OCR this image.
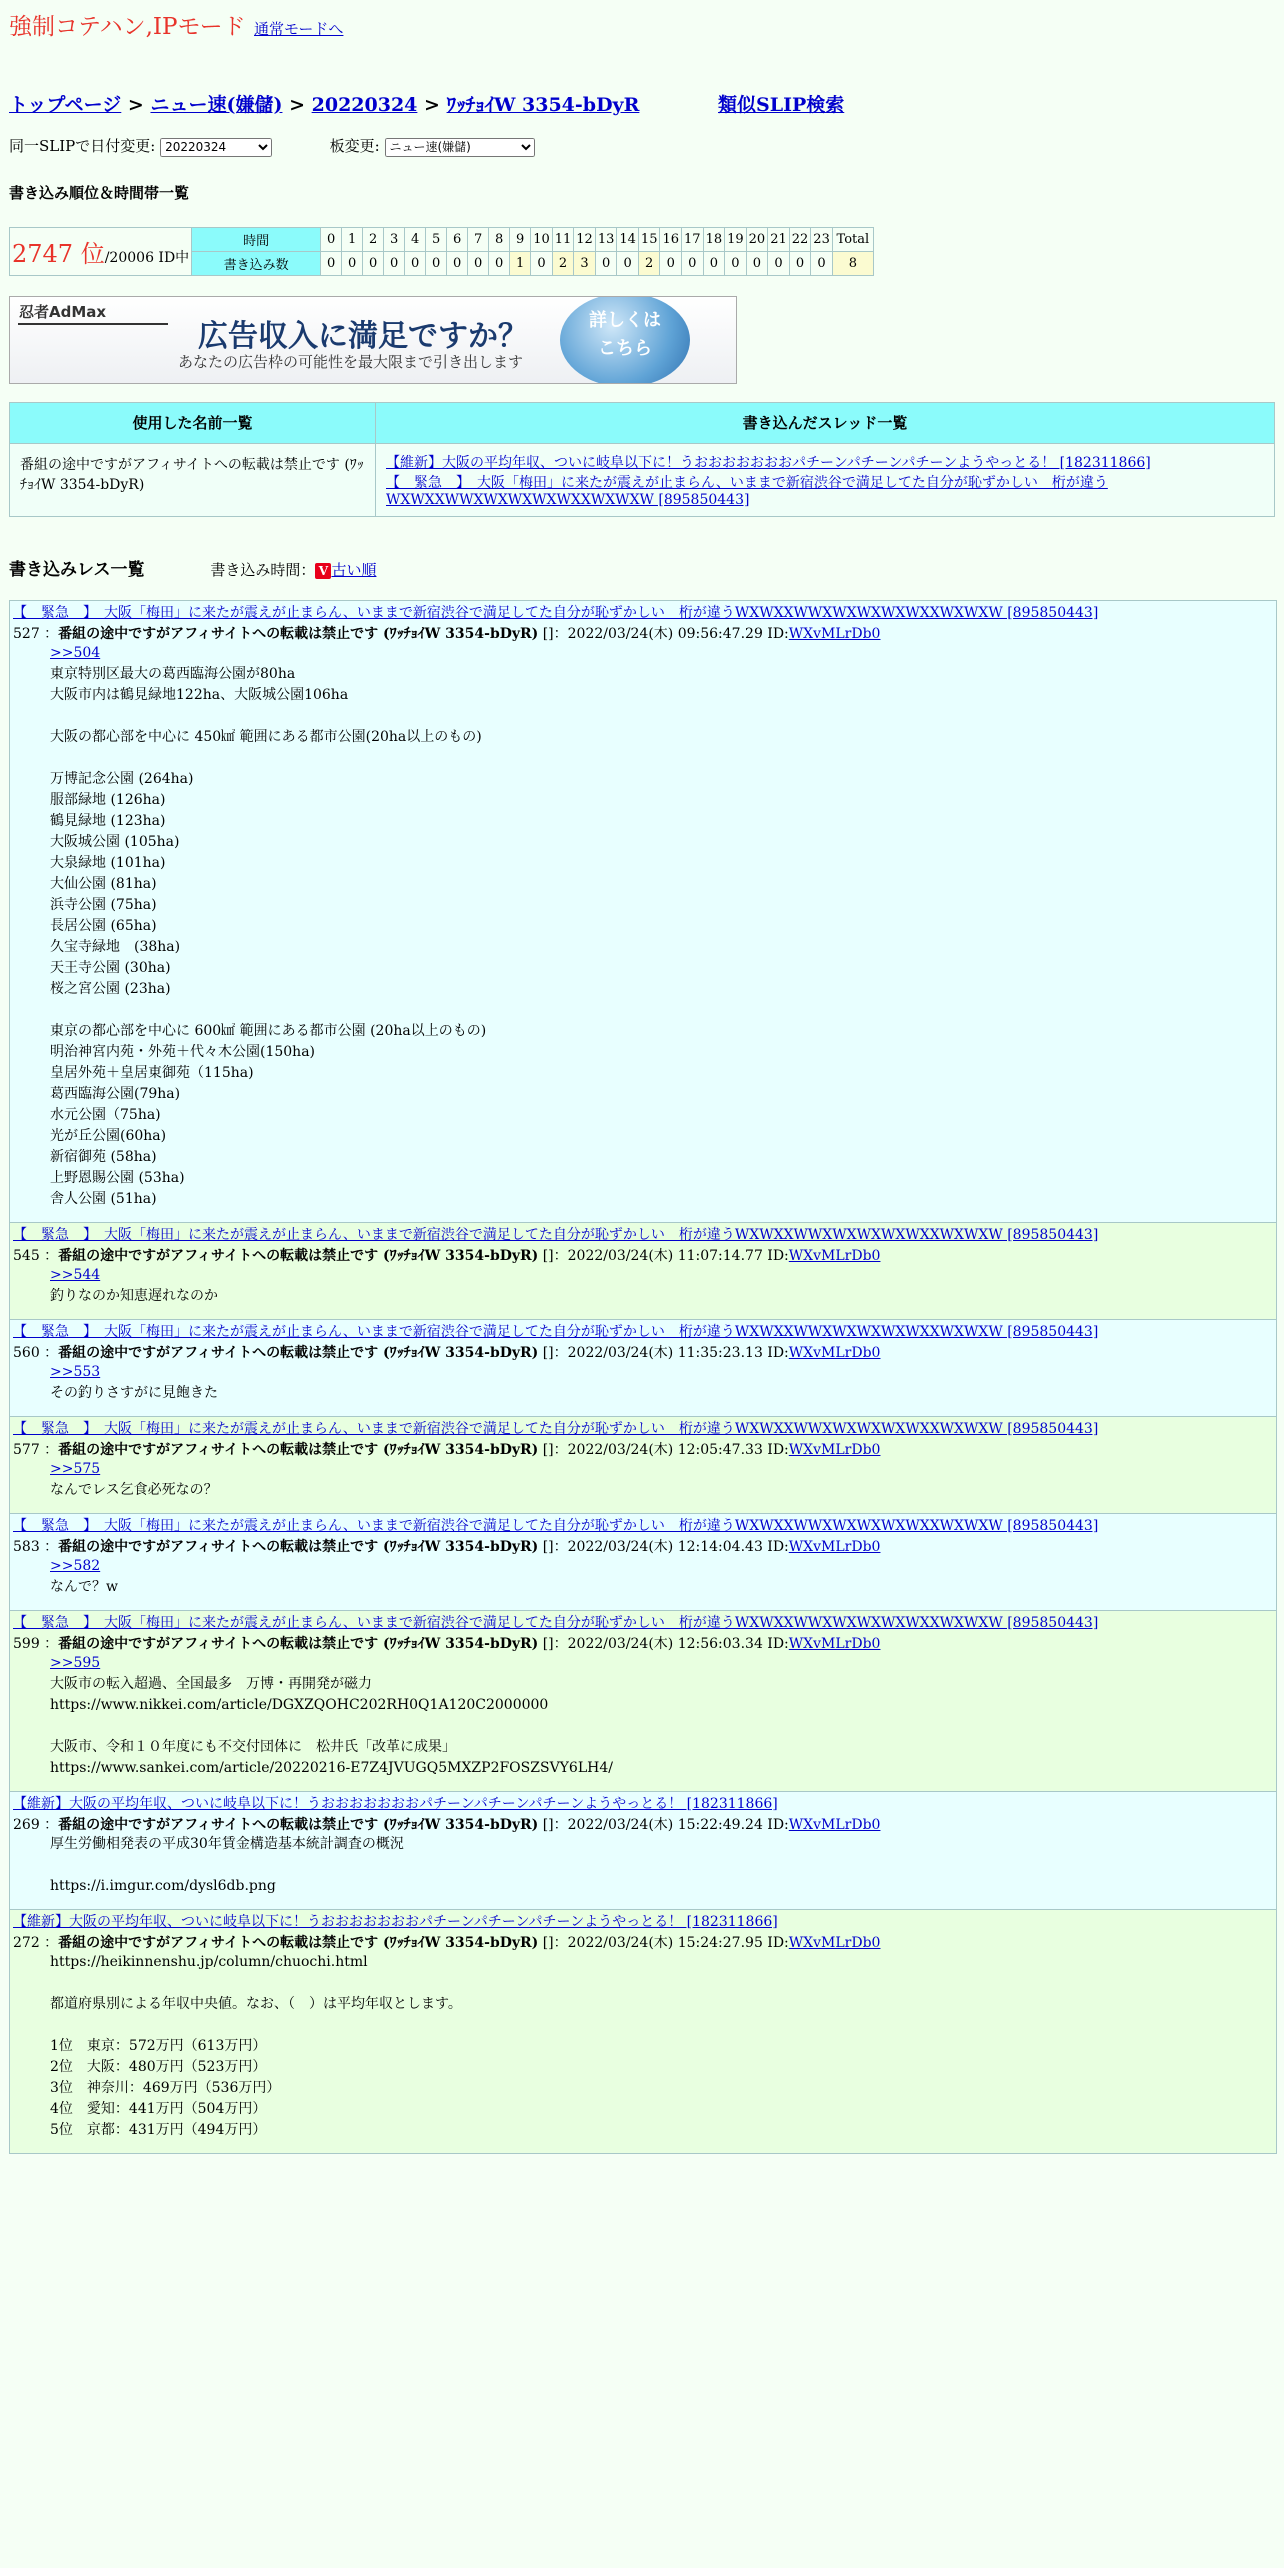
強制コテハン,IPモード 通常モードへ
トップページ > ニュー速(嫌儲) > 20220324 > ﾜｯﾁｮｲW 3354-bDyR	類似SLIP検索
同一SLIPで日付変更:
20220324	板変更:
ニュー速(嫌儲)
書き込み順位＆時間帯一覧
2747 位/20006 ID中	時間	0	1	2	3	4	5	6	7	8	9	10	11	12	13	14	15	16	17	18	19	20	21	22	23	Total
	書き込み数	0	0	0	0	0	0	0	0	0	1	0	2	3	0	0	2	0	0	0	0	0	0	0	0	8
忍者AdMax
広告収入に満足ですか？
あなたの広告枠の可能性を最大限まで引き出します
詳しくは
こちら
使用した名前一覧	書き込んだスレッド一覧
番組の途中ですがアフィサイトへの転載は禁止です (ﾜｯﾁｮｲW 3354-bDyR)	【維新】大阪の平均年収、ついに岐阜以下に！うおおおおおおおパチーンパチーンパチーンようやっとる！ [182311866]
【　緊急　】　大阪「梅田」に来たが震えが止まらん、いままで新宿渋谷で満足してた自分が恥ずかしい　桁が違うWXWXXWWXWXWXWXWXXWXWXW [895850443]
書き込みレス一覧	書き込み時間： V 古い順
【　緊急　】　大阪「梅田」に来たが震えが止まらん、いままで新宿渋谷で満足してた自分が恥ずかしい　桁が違うWXWXXWWXWXWXWXWXXWXWXW [895850443]
527 ：番組の途中ですがアフィサイトへの転載は禁止です (ﾜｯﾁｮｲW 3354-bDyR) []：2022/03/24(木) 09:56:47.29 ID:WXvMLrDb0
>>504
東京特別区最大の葛西臨海公園が80ha
大阪市内は鶴見緑地122ha、大阪城公園106ha

大阪の都心部を中心に 450㎢ 範囲にある都市公園(20ha以上のもの)

万博記念公園 (264ha)
服部緑地 (126ha)
鶴見緑地 (123ha)
大阪城公園 (105ha)
大泉緑地 (101ha)
大仙公園 (81ha)
浜寺公園 (75ha)
長居公園 (65ha)
久宝寺緑地　(38ha)
天王寺公園 (30ha)
桜之宮公園 (23ha)

東京の都心部を中心に 600㎢ 範囲にある都市公園 (20ha以上のもの)
明治神宮内苑・外苑＋代々木公園(150ha)
皇居外苑＋皇居東御苑（115ha)
葛西臨海公園(79ha)
水元公園（75ha)
光が丘公園(60ha)
新宿御苑 (58ha)
上野恩賜公園 (53ha)
舎人公園 (51ha)
【　緊急　】　大阪「梅田」に来たが震えが止まらん、いままで新宿渋谷で満足してた自分が恥ずかしい　桁が違うWXWXXWWXWXWXWXWXXWXWXW [895850443]
545 ：番組の途中ですがアフィサイトへの転載は禁止です (ﾜｯﾁｮｲW 3354-bDyR) []：2022/03/24(木) 11:07:14.77 ID:WXvMLrDb0
>>544
釣りなのか知恵遅れなのか
【　緊急　】　大阪「梅田」に来たが震えが止まらん、いままで新宿渋谷で満足してた自分が恥ずかしい　桁が違うWXWXXWWXWXWXWXWXXWXWXW [895850443]
560 ：番組の途中ですがアフィサイトへの転載は禁止です (ﾜｯﾁｮｲW 3354-bDyR) []：2022/03/24(木) 11:35:23.13 ID:WXvMLrDb0
>>553
その釣りさすがに見飽きた
【　緊急　】　大阪「梅田」に来たが震えが止まらん、いままで新宿渋谷で満足してた自分が恥ずかしい　桁が違うWXWXXWWXWXWXWXWXXWXWXW [895850443]
577 ：番組の途中ですがアフィサイトへの転載は禁止です (ﾜｯﾁｮｲW 3354-bDyR) []：2022/03/24(木) 12:05:47.33 ID:WXvMLrDb0
>>575
なんでレス乞食必死なの？
【　緊急　】　大阪「梅田」に来たが震えが止まらん、いままで新宿渋谷で満足してた自分が恥ずかしい　桁が違うWXWXXWWXWXWXWXWXXWXWXW [895850443]
583 ：番組の途中ですがアフィサイトへの転載は禁止です (ﾜｯﾁｮｲW 3354-bDyR) []：2022/03/24(木) 12:14:04.43 ID:WXvMLrDb0
>>582
なんで？w
【　緊急　】　大阪「梅田」に来たが震えが止まらん、いままで新宿渋谷で満足してた自分が恥ずかしい　桁が違うWXWXXWWXWXWXWXWXXWXWXW [895850443]
599 ：番組の途中ですがアフィサイトへの転載は禁止です (ﾜｯﾁｮｲW 3354-bDyR) []：2022/03/24(木) 12:56:03.34 ID:WXvMLrDb0
>>595
大阪市の転入超過、全国最多　万博・再開発が磁力
https://www.nikkei.com/article/DGXZQOHC202RH0Q1A120C2000000

大阪市、令和１０年度にも不交付団体に　松井氏「改革に成果」
https://www.sankei.com/article/20220216-E7Z4JVUGQ5MXZP2FOSZSVY6LH4/
【維新】大阪の平均年収、ついに岐阜以下に！うおおおおおおおパチーンパチーンパチーンようやっとる！ [182311866]
269 ：番組の途中ですがアフィサイトへの転載は禁止です (ﾜｯﾁｮｲW 3354-bDyR) []：2022/03/24(木) 15:22:49.24 ID:WXvMLrDb0
厚生労働相発表の平成30年賃金構造基本統計調査の概況

https://i.imgur.com/dysl6db.png
【維新】大阪の平均年収、ついに岐阜以下に！うおおおおおおおパチーンパチーンパチーンようやっとる！ [182311866]
272 ：番組の途中ですがアフィサイトへの転載は禁止です (ﾜｯﾁｮｲW 3354-bDyR) []：2022/03/24(木) 15:24:27.95 ID:WXvMLrDb0
https://heikinnenshu.jp/column/chuochi.html

都道府県別による年収中央値。なお、（　）は平均年収とします。

1位　東京：572万円（613万円）
2位　大阪：480万円（523万円）
3位　神奈川：469万円（536万円）
4位　愛知：441万円（504万円）
5位　京都：431万円（494万円）
